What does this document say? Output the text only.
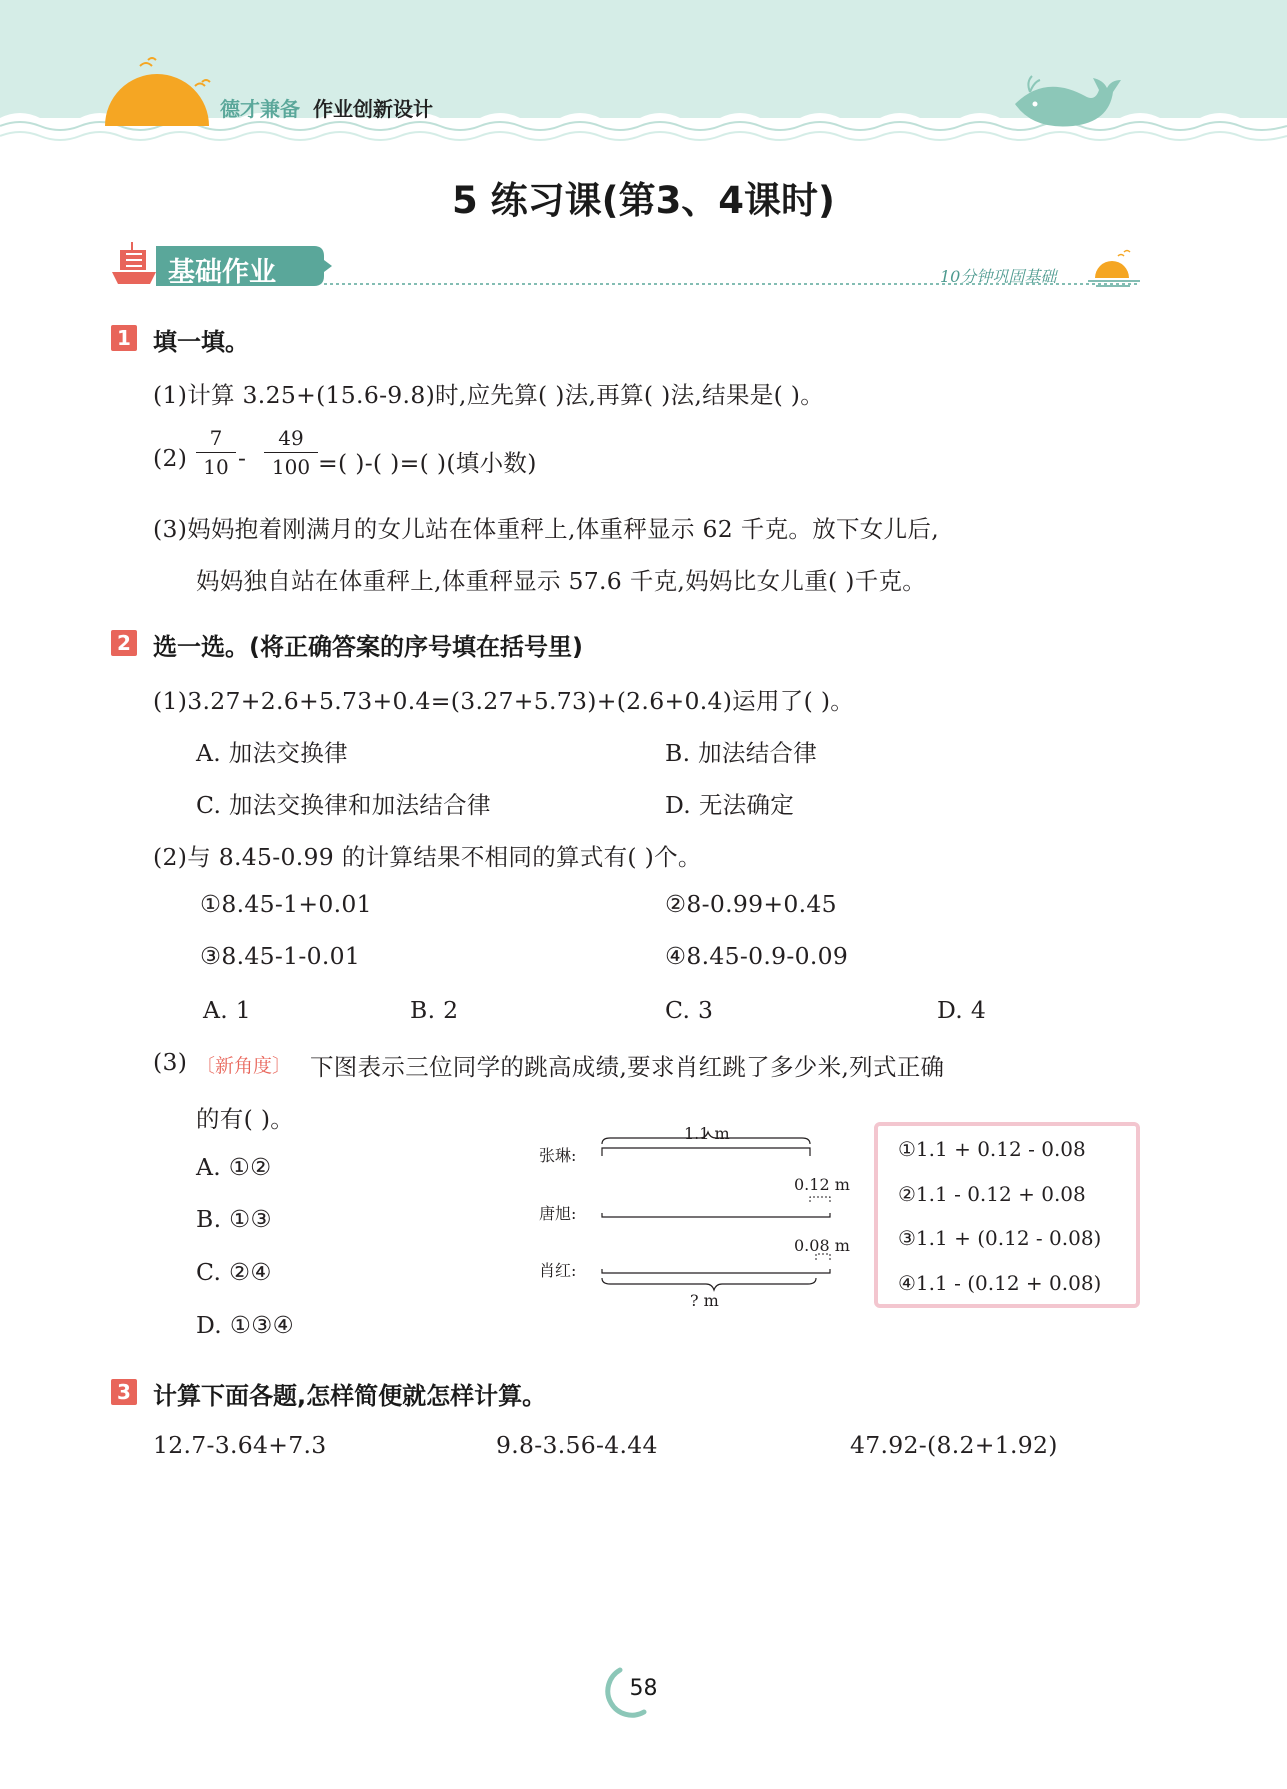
德才兼备 作业创新设计
5 练习课(第3、4课时)
基础作业	10分钟巩固基础
1 填一填。
(1)计算 3.25+(15.6-9.8)时,应先算( )法,再算( )法,结果是( )。
(2)
7
10 -
49
100 =( )-( )=( )(填小数)
(3)妈妈抱着刚满月的女儿站在体重秤上,体重秤显示 62 千克。放下女儿后,
妈妈独自站在体重秤上,体重秤显示 57.6 千克,妈妈比女儿重( )千克。
2 选一选。(将正确答案的序号填在括号里)
(1)3.27+2.6+5.73+0.4=(3.27+5.73)+(2.6+0.4)运用了( )。
A. 加法交换律	B. 加法结合律
C. 加法交换律和加法结合律	D. 无法确定
(2)与 8.45-0.99 的计算结果不相同的算式有( )个。
①8.45-1+0.01	②8-0.99+0.45
③8.45-1-0.01	④8.45-0.9-0.09
A. 1	B. 2	C. 3	D. 4
(3) 〔新角度〕 下图表示三位同学的跳高成绩,要求肖红跳了多少米,列式正确
的有( )。
A. ①②
B. ①③
C. ②④
D. ①③④
张琳:
唐旭:
肖红:
1.1 m
0.12 m
0.08 m
? m
①1.1 + 0.12 - 0.08
②1.1 - 0.12 + 0.08
③1.1 + (0.12 - 0.08)
④1.1 - (0.12 + 0.08)
3 计算下面各题,怎样简便就怎样计算。
12.7-3.64+7.3	9.8-3.56-4.44	47.92-(8.2+1.92)
58
